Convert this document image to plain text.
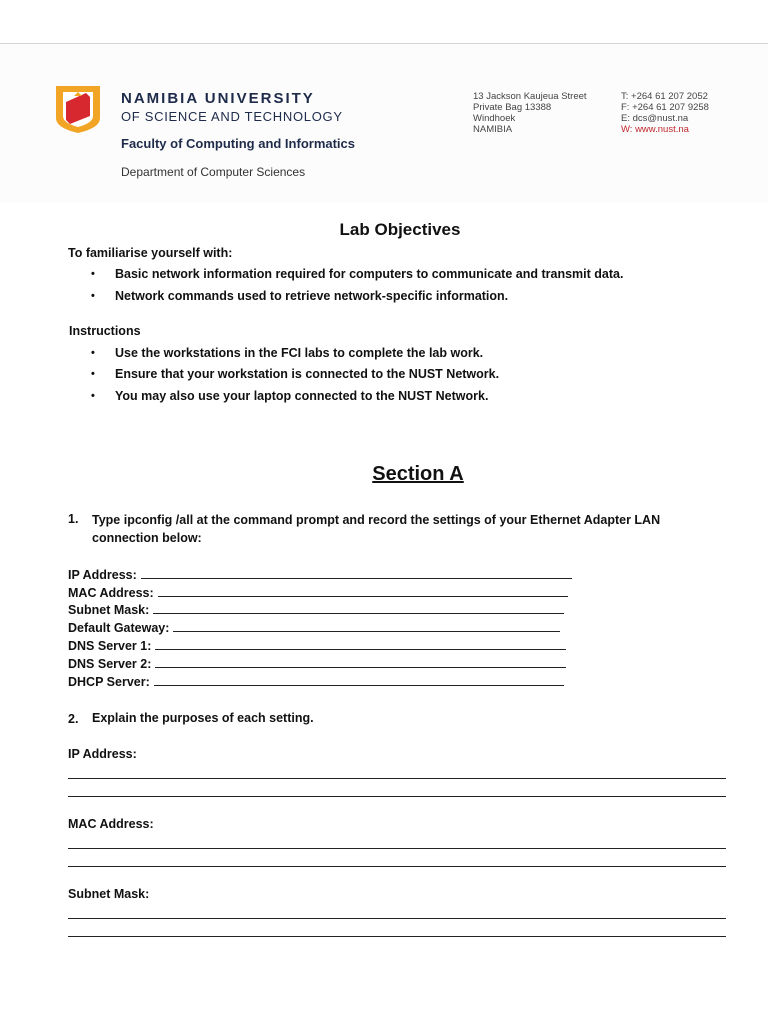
NAMIBIA UNIVERSITY
OF SCIENCE AND TECHNOLOGY
Faculty of Computing and Informatics
Department of Computer Sciences
13 Jackson Kaujeua Street
Private Bag 13388
Windhoek
NAMIBIA
T: +264 61 207 2052
F: +264 61 207 9258
E: dcs@nust.na
W: www.nust.na
Lab Objectives
To familiarise yourself with:
• Basic network information required for computers to communicate and transmit data.
• Network commands used to retrieve network-specific information.
Instructions
• Use the workstations in the FCI labs to complete the lab work.
• Ensure that your workstation is connected to the NUST Network.
• You may also use your laptop connected to the NUST Network.
Section A
1. Type ipconfig /all at the command prompt and record the settings of your Ethernet Adapter LAN connection below:
IP Address:
MAC Address:
Subnet Mask:
Default Gateway:
DNS Server 1:
DNS Server 2:
DHCP Server:
2. Explain the purposes of each setting.
IP Address:
MAC Address:
Subnet Mask:
